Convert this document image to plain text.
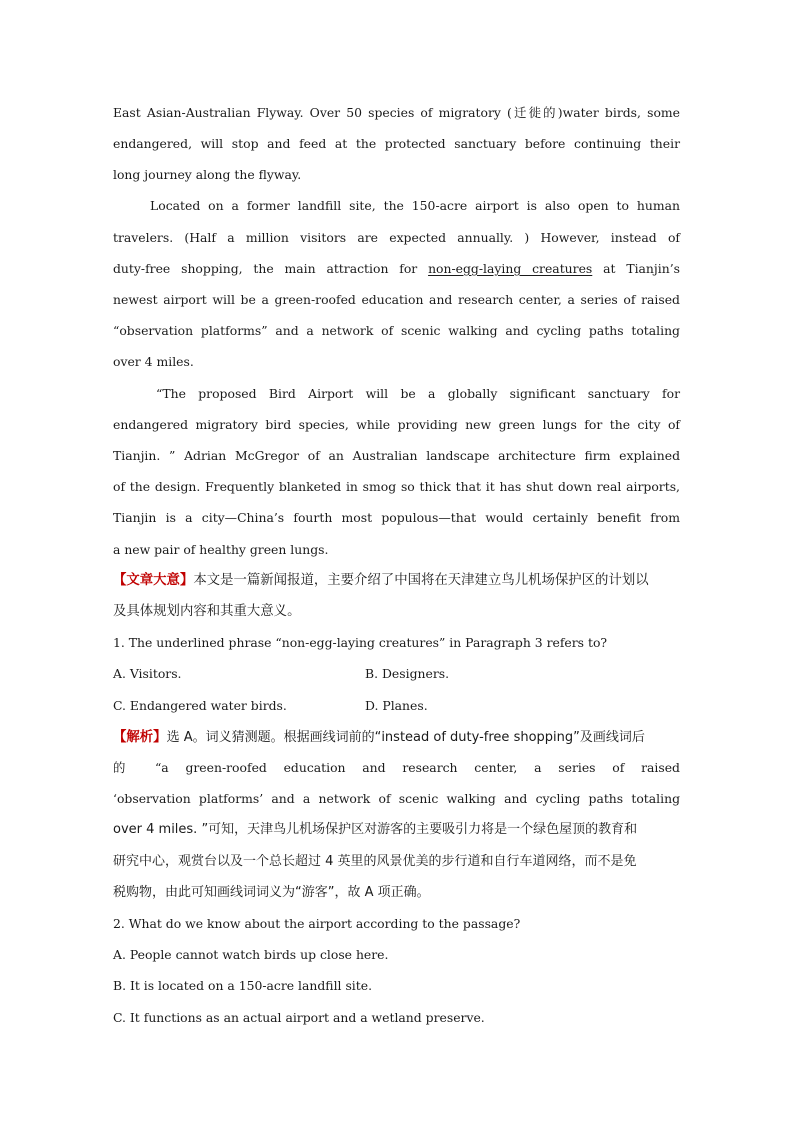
East Asian-Australian Flyway. Over 50 species of migratory (迁徙的)water birds, some
endangered, will stop and feed at the protected sanctuary before continuing their
long journey along the flyway.
Located on a former landfill site, the 150-acre airport is also open to human
travelers. (Half a million visitors are expected annually. ) However, instead of
duty-free shopping, the main attraction for non-egg-laying creatures at Tianjin’s
newest airport will be a green-roofed education and research center, a series of raised
“observation platforms” and a network of scenic walking and cycling paths totaling
over 4 miles.
“The proposed Bird Airport will be a globally significant sanctuary for
endangered migratory bird species, while providing new green lungs for the city of
Tianjin. ” Adrian McGregor of an Australian landscape architecture firm explained
of the design. Frequently blanketed in smog so thick that it has shut down real airports,
Tianjin is a city—China’s fourth most populous—that would certainly benefit from
a new pair of healthy green lungs.
【文章大意】本文是一篇新闻报道，主要介绍了中国将在天津建立鸟儿机场保护区的计划以
及具体规划内容和其重大意义。
1. The underlined phrase “non-egg-laying creatures” in Paragraph 3 refers to?
A. Visitors.	B. Designers.
C. Endangered water birds.	D. Planes.
【解析】选 A。词义猜测题。根据画线词前的“instead of duty-free shopping”及画线词后
的 “a green-roofed education and research center, a series of raised
‘observation platforms’ and a network of scenic walking and cycling paths totaling
over 4 miles. ”可知，天津鸟儿机场保护区对游客的主要吸引力将是一个绿色屋顶的教育和
研究中心，观赏台以及一个总长超过 4 英里的风景优美的步行道和自行车道网络，而不是免
税购物，由此可知画线词词义为“游客”，故 A 项正确。
2. What do we know about the airport according to the passage?
A. People cannot watch birds up close here.
B. It is located on a 150-acre landfill site.
C. It functions as an actual airport and a wetland preserve.
